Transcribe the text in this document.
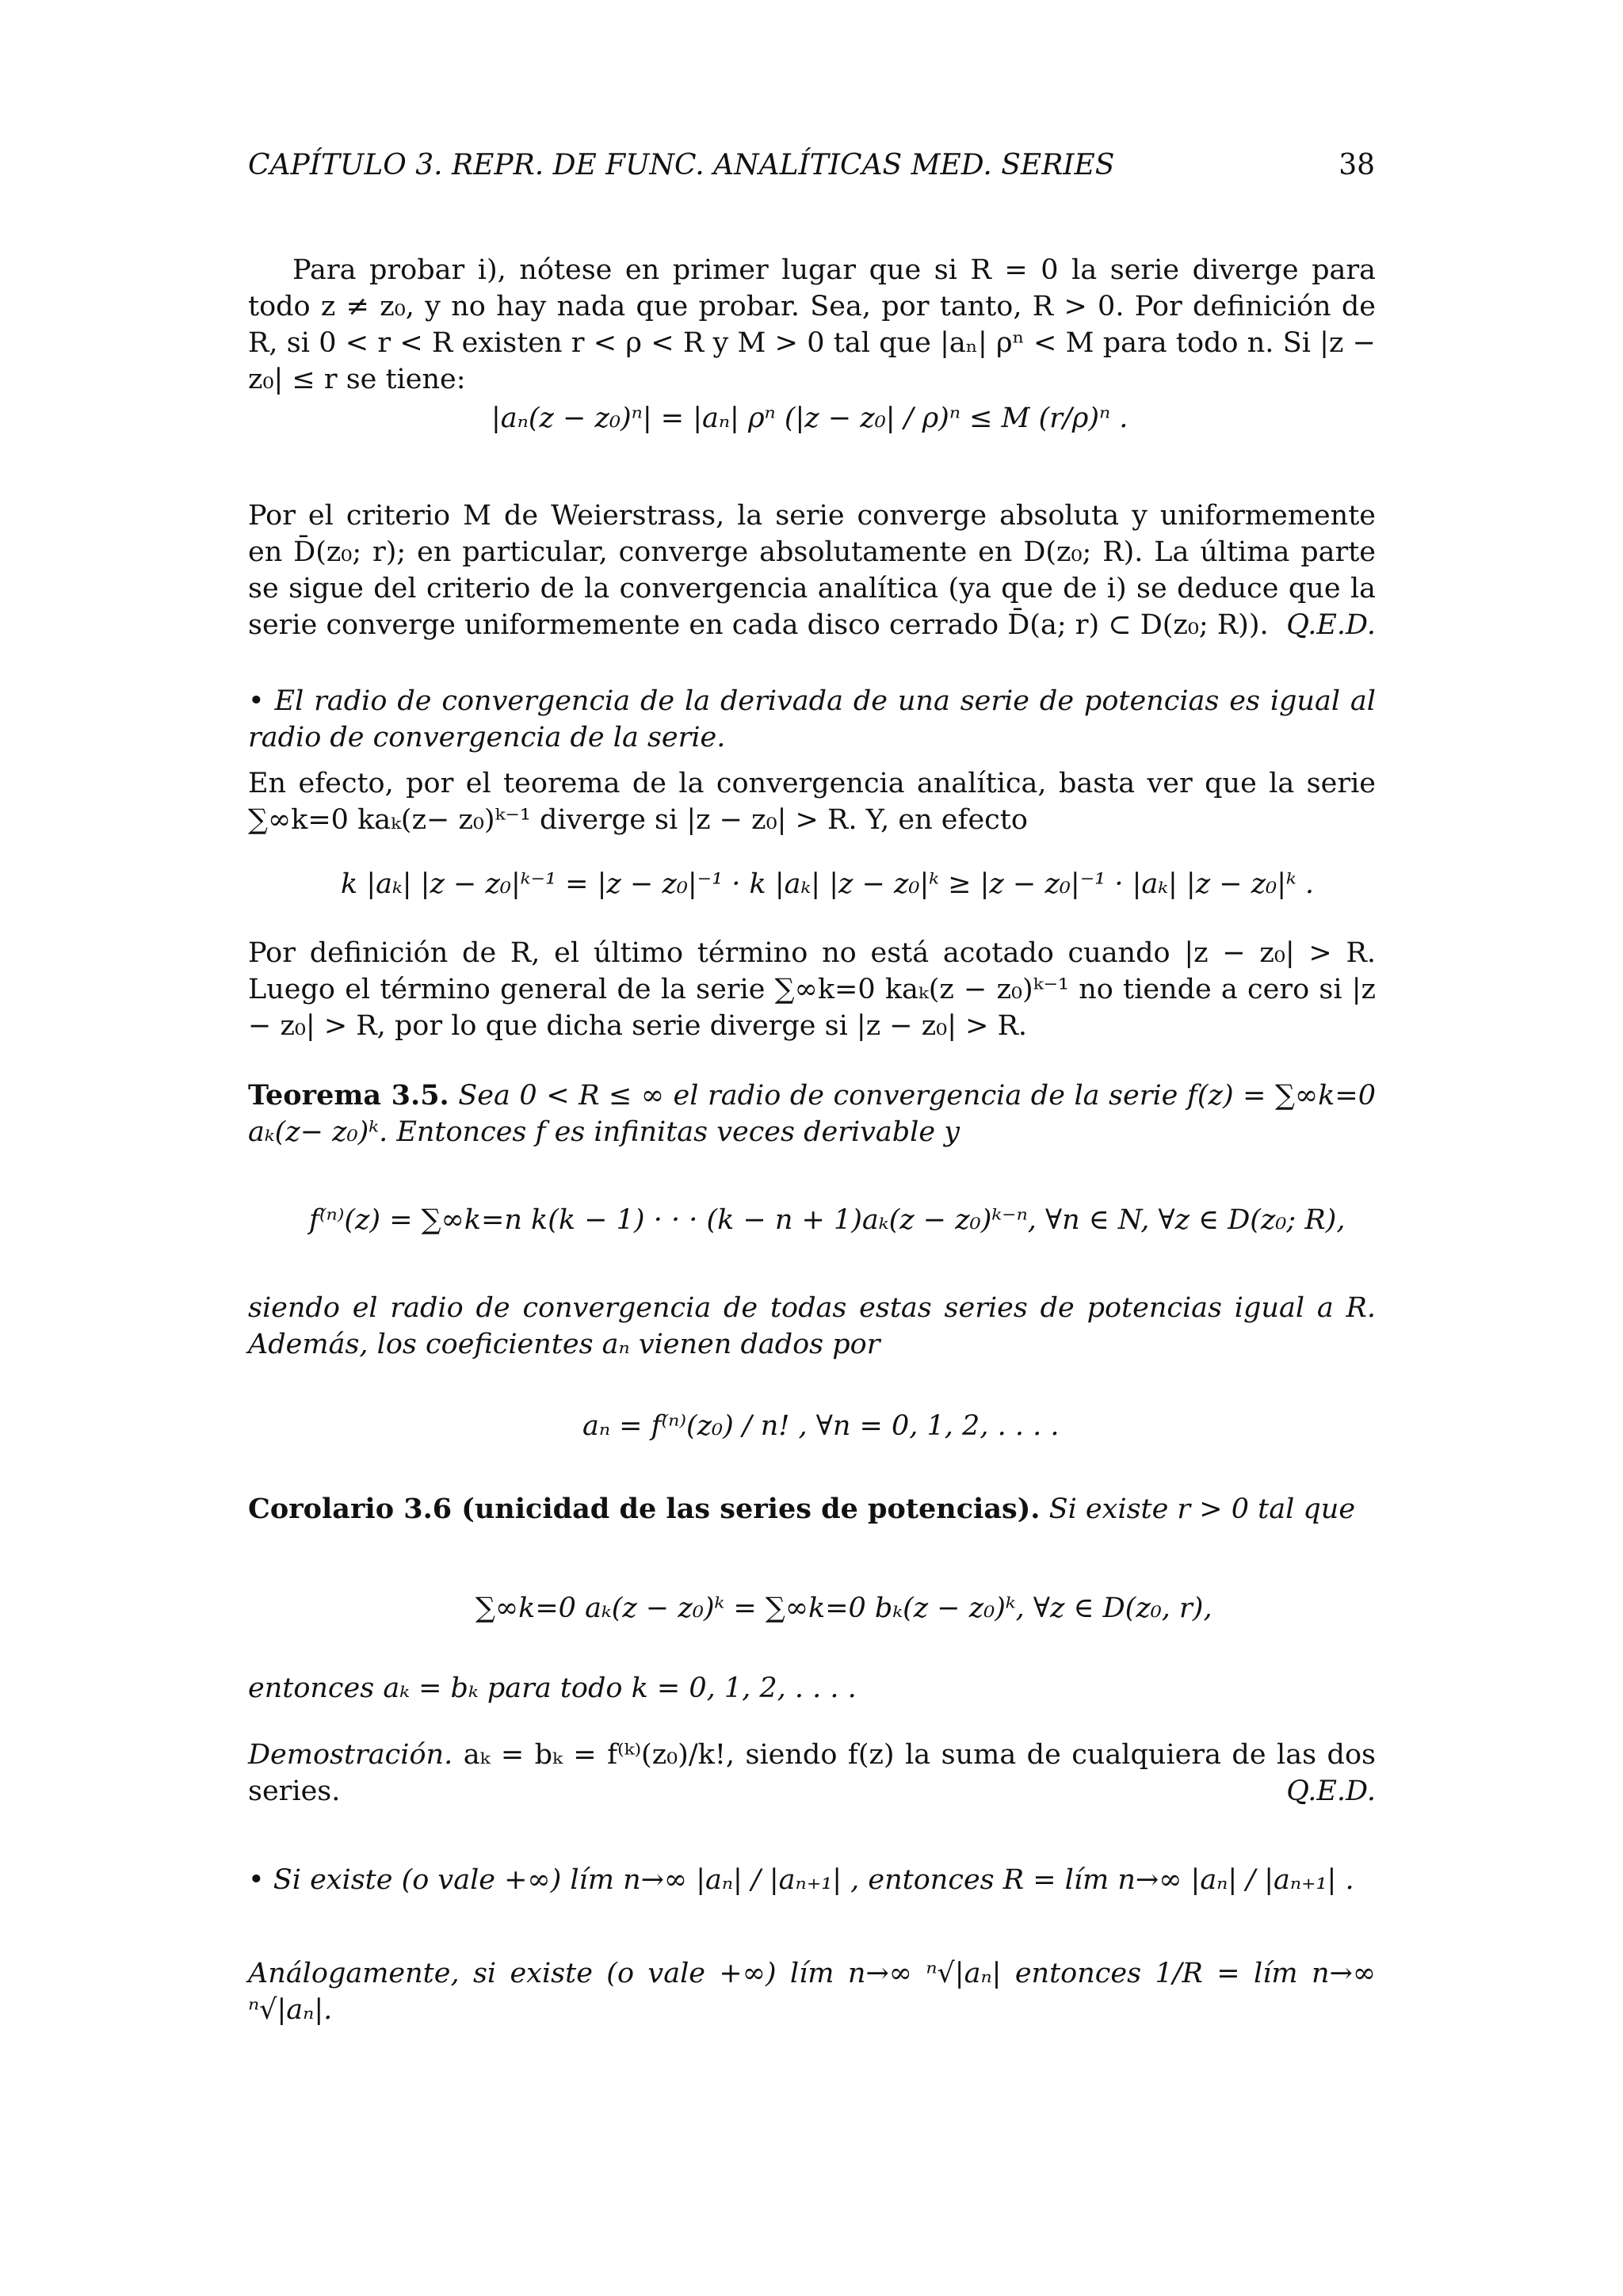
CAPÍTULO 3. REPR. DE FUNC. ANALÍTICAS MED. SERIES	38
Para probar i), nótese en primer lugar que si R = 0 la serie diverge para todo z ≠ z₀, y no hay nada que probar. Sea, por tanto, R > 0. Por definición de R, si 0 < r < R existen r < ρ < R y M > 0 tal que |aₙ| ρⁿ < M para todo n. Si |z − z₀| ≤ r se tiene:
|aₙ(z − z₀)ⁿ| = |aₙ| ρⁿ (|z − z₀| / ρ)ⁿ ≤ M (r/ρ)ⁿ .
Por el criterio M de Weierstrass, la serie converge absoluta y uniformemente en D̄(z₀; r); en particular, converge absolutamente en D(z₀; R). La última parte se sigue del criterio de la convergencia analítica (ya que de i) se deduce que la serie converge uniformemente en cada disco cerrado D̄(a; r) ⊂ D(z₀; R)). Q.E.D.
• El radio de convergencia de la derivada de una serie de potencias es igual al radio de convergencia de la serie.
En efecto, por el teorema de la convergencia analítica, basta ver que la serie ∑∞k=0 kaₖ(z− z₀)ᵏ⁻¹ diverge si |z − z₀| > R. Y, en efecto
k |aₖ| |z − z₀|ᵏ⁻¹ = |z − z₀|⁻¹ · k |aₖ| |z − z₀|ᵏ ≥ |z − z₀|⁻¹ · |aₖ| |z − z₀|ᵏ .
Por definición de R, el último término no está acotado cuando |z − z₀| > R. Luego el término general de la serie ∑∞k=0 kaₖ(z − z₀)ᵏ⁻¹ no tiende a cero si |z − z₀| > R, por lo que dicha serie diverge si |z − z₀| > R.
Teorema 3.5. Sea 0 < R ≤ ∞ el radio de convergencia de la serie f(z) = ∑∞k=0 aₖ(z− z₀)ᵏ. Entonces f es infinitas veces derivable y
f⁽ⁿ⁾(z) = ∑∞k=n k(k − 1) · · · (k − n + 1)aₖ(z − z₀)ᵏ⁻ⁿ, ∀n ∈ N, ∀z ∈ D(z₀; R),
siendo el radio de convergencia de todas estas series de potencias igual a R. Además, los coeficientes aₙ vienen dados por
aₙ = f⁽ⁿ⁾(z₀) / n! , ∀n = 0, 1, 2, . . . .
Corolario 3.6 (unicidad de las series de potencias). Si existe r > 0 tal que
∑∞k=0 aₖ(z − z₀)ᵏ = ∑∞k=0 bₖ(z − z₀)ᵏ, ∀z ∈ D(z₀, r),
entonces aₖ = bₖ para todo k = 0, 1, 2, . . . .
Demostración. aₖ = bₖ = f⁽ᵏ⁾(z₀)/k!, siendo f(z) la suma de cualquiera de las dos series.	Q.E.D.
• Si existe (o vale +∞) lím n→∞ |aₙ| / |aₙ₊₁| , entonces R = lím n→∞ |aₙ| / |aₙ₊₁| .
Análogamente, si existe (o vale +∞) lím n→∞ ⁿ√|aₙ| entonces 1/R = lím n→∞ ⁿ√|aₙ|.
